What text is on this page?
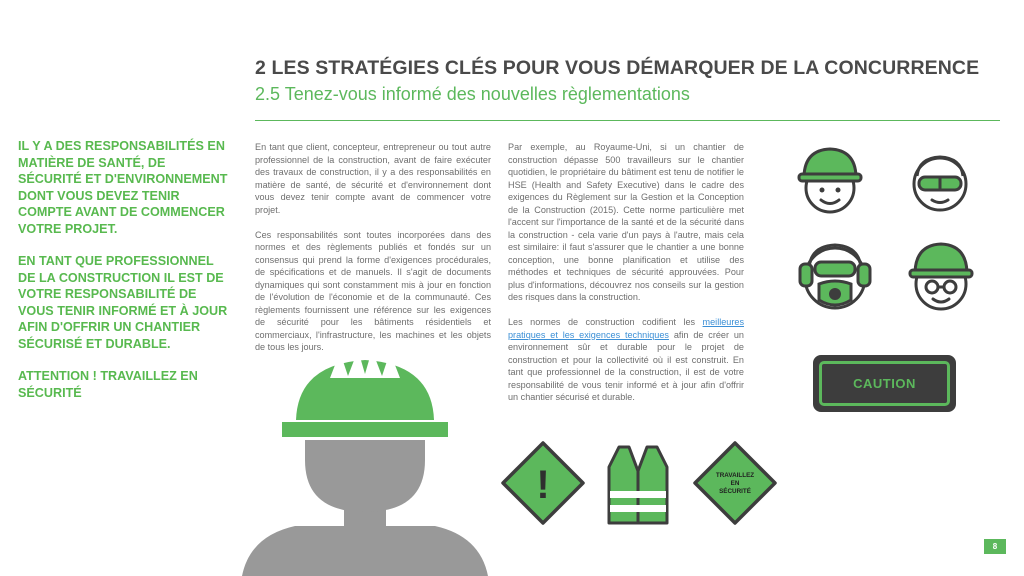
2 LES STRATÉGIES CLÉS POUR VOUS DÉMARQUER DE LA CONCURRENCE
2.5 Tenez-vous informé des nouvelles règlementations

IL Y A DES RESPONSABILITÉS EN MATIÈRE DE SANTÉ, DE SÉCURITÉ ET D'ENVIRONNEMENT DONT VOUS DEVEZ TENIR COMPTE AVANT DE COMMENCER VOTRE PROJET.

EN TANT QUE PROFESSIONNEL DE LA CONSTRUCTION IL EST DE VOTRE RESPONSABILITÉ DE VOUS TENIR INFORMÉ ET À JOUR AFIN D'OFFRIR UN CHANTIER SÉCURISÉ ET DURABLE.

ATTENTION ! TRAVAILLEZ EN SÉCURITÉ

En tant que client, concepteur, entrepreneur ou tout autre professionnel de la construction, avant de faire exécuter des travaux de construction, il y a des responsabilités en matière de santé, de sécurité et d'environnement dont vous devez tenir compte avant de commencer votre projet.

Ces responsabilités sont toutes incorporées dans des normes et des règlements publiés et fondés sur un consensus qui prend la forme d'exigences procédurales, de spécifications et de manuels. Il s'agit de documents dynamiques qui sont constamment mis à jour en fonction de l'évolution de l'économie et de la communauté. Ces règlements fournissent une référence sur les exigences de sécurité pour les bâtiments résidentiels et commerciaux, l'infrastructure, les machines et les objets de tous les jours.

Par exemple, au Royaume-Uni, si un chantier de construction dépasse 500 travailleurs sur le chantier quotidien, le propriétaire du bâtiment est tenu de notifier le HSE (Health and Safety Executive) dans le cadre des exigences du Règlement sur la Gestion et la Conception de la Construction (2015). Cette norme particulière met l'accent sur l'importance de la santé et de la sécurité dans la construction - cela varie d'un pays à l'autre, mais cela est similaire: il faut s'assurer que le chantier a une bonne conception, une bonne planification et utilise des méthodes et techniques de sécurité approuvées. Pour plus d'informations, découvrez nos conseils sur la gestion des risques dans la construction.

Les normes de construction codifient les meilleures pratiques et les exigences techniques afin de créer un environnement sûr et durable pour le projet de construction et pour la collectivité où il est construit. En tant que professionnel de la construction, il est de votre responsabilité de vous tenir informé et à jour afin d'offrir un chantier sécurisé et durable.

CAUTION
!	TRAVAILLEZ
EN
SÉCURITÉ
8
